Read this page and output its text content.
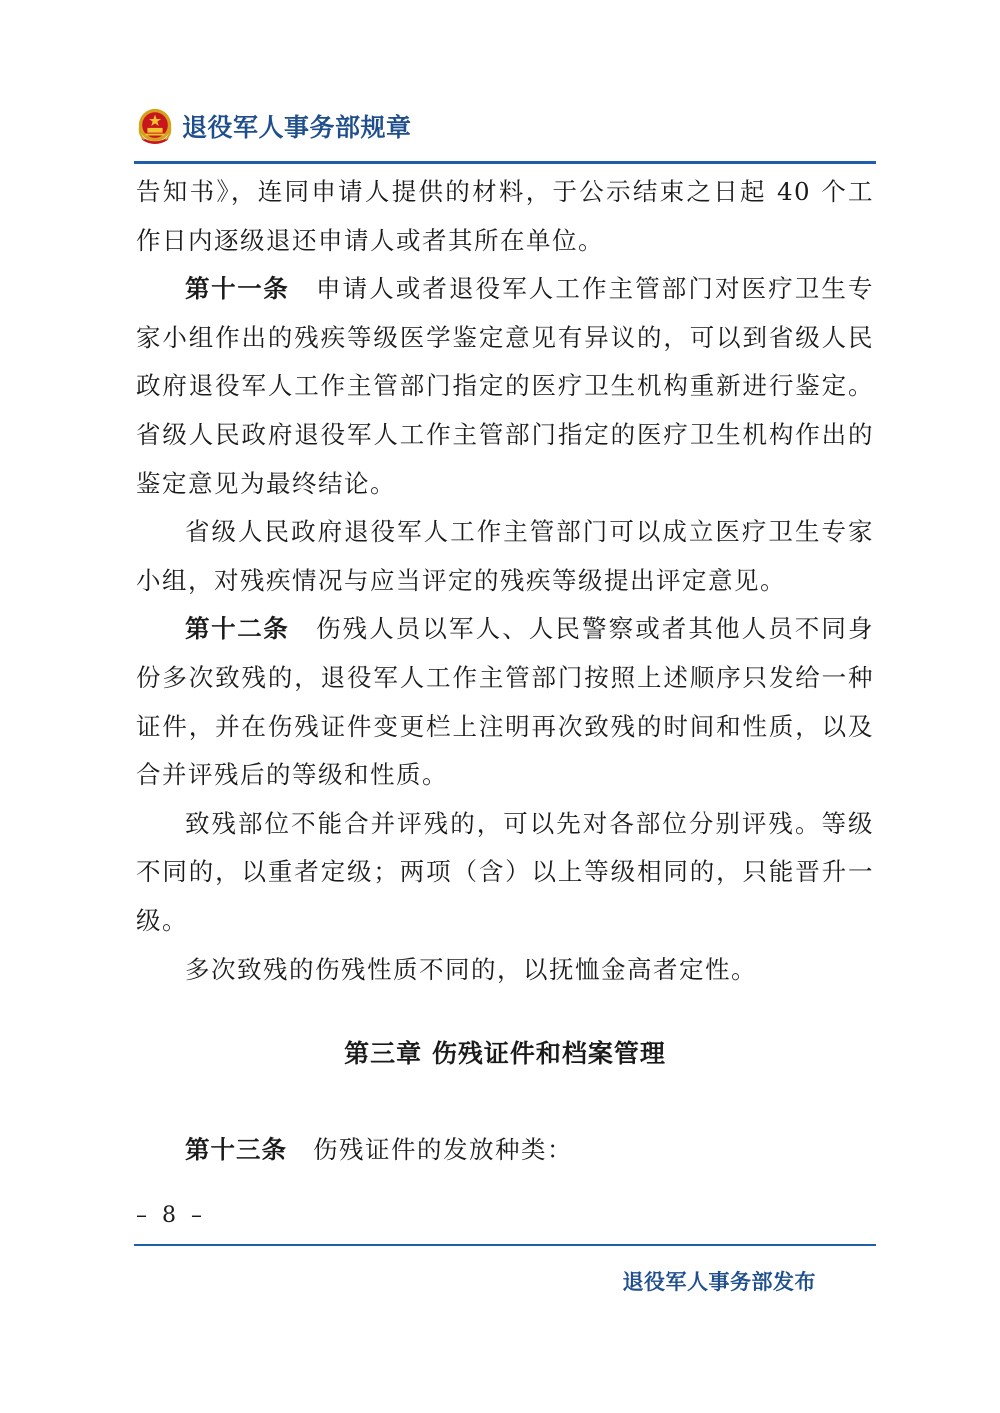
退役军人事务部规章

告知书》，连同申请人提供的材料，于公示结束之日起 40 个工作日内逐级退还申请人或者其所在单位。

第十一条  申请人或者退役军人工作主管部门对医疗卫生专家小组作出的残疾等级医学鉴定意见有异议的，可以到省级人民政府退役军人工作主管部门指定的医疗卫生机构重新进行鉴定。省级人民政府退役军人工作主管部门指定的医疗卫生机构作出的鉴定意见为最终结论。

省级人民政府退役军人工作主管部门可以成立医疗卫生专家小组，对残疾情况与应当评定的残疾等级提出评定意见。

第十二条  伤残人员以军人、人民警察或者其他人员不同身份多次致残的，退役军人工作主管部门按照上述顺序只发给一种证件，并在伤残证件变更栏上注明再次致残的时间和性质，以及合并评残后的等级和性质。

致残部位不能合并评残的，可以先对各部位分别评残。等级不同的，以重者定级；两项（含）以上等级相同的，只能晋升一级。

多次致残的伤残性质不同的，以抚恤金高者定性。

第三章 伤残证件和档案管理

第十三条  伤残证件的发放种类：

– 8 –
退役军人事务部发布
